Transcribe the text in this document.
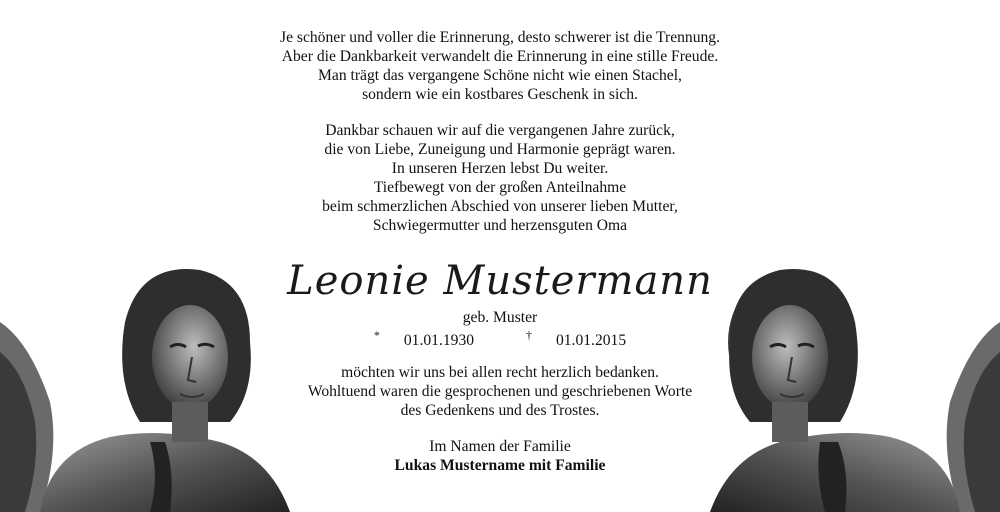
Je schöner und voller die Erinnerung, desto schwerer ist die Trennung.
Aber die Dankbarkeit verwandelt die Erinnerung in eine stille Freude.
Man trägt das vergangene Schöne nicht wie einen Stachel,
sondern wie ein kostbares Geschenk in sich.
Dankbar schauen wir auf die vergangenen Jahre zurück,
die von Liebe, Zuneigung und Harmonie geprägt waren.
In unseren Herzen lebst Du weiter.
Tiefbewegt von der großen Anteilnahme
beim schmerzlichen Abschied von unserer lieben Mutter,
Schwiegermutter und herzensguten Oma
Leonie Mustermann
geb. Muster
* 01.01.1930	† 01.01.2015
möchten wir uns bei allen recht herzlich bedanken.
Wohltuend waren die gesprochenen und geschriebenen Worte
des Gedenkens und des Trostes.
Im Namen der Familie
Lukas Mustername mit Familie
